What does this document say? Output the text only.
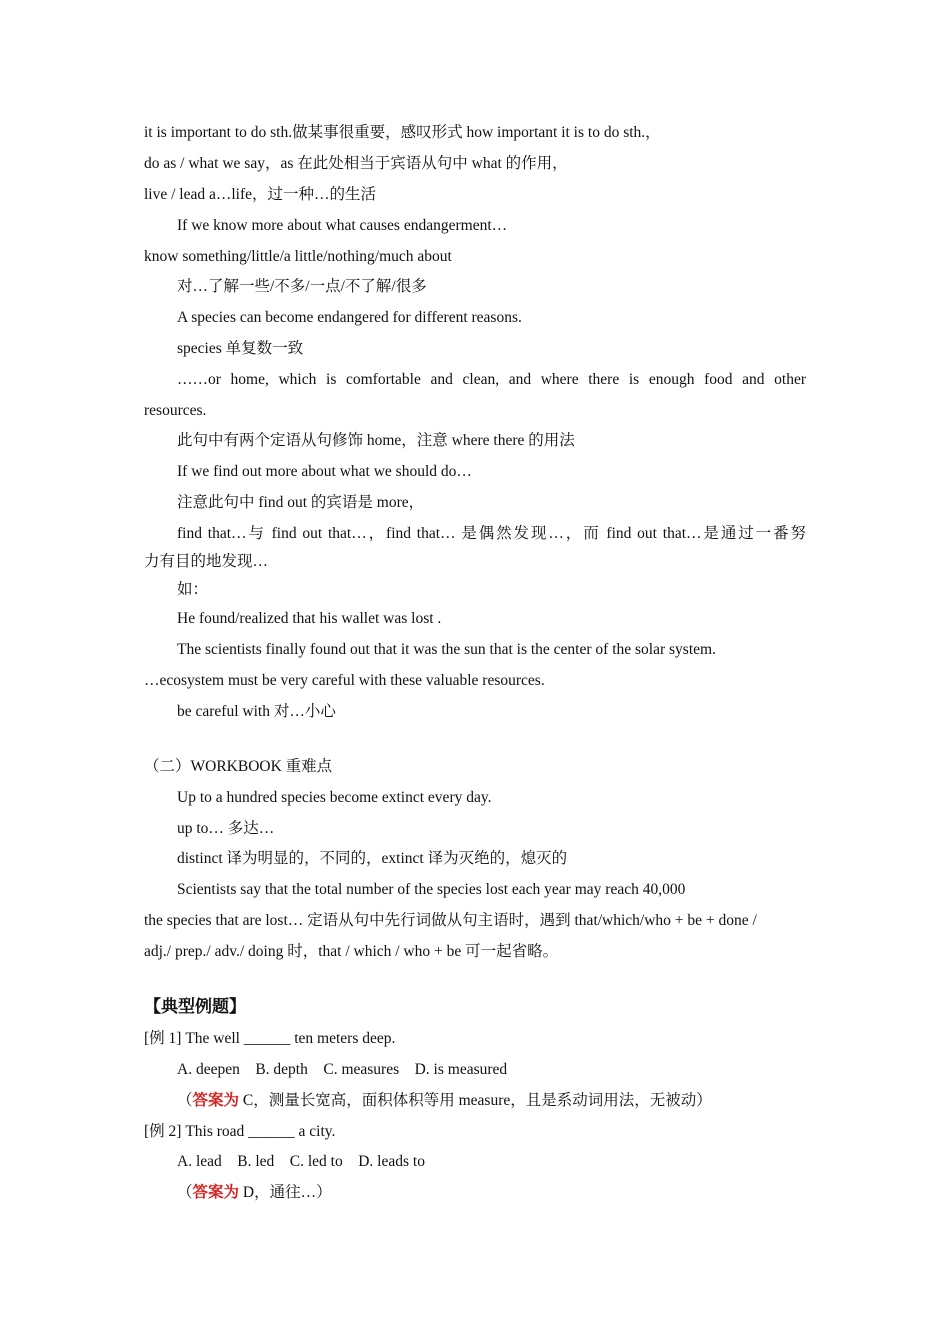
it is important to do sth.做某事很重要，感叹形式 how important it is to do sth.，
do as / what we say，as 在此处相当于宾语从句中 what 的作用，
live / lead a…life，过一种…的生活
If we know more about what causes endangerment…
know something/little/a little/nothing/much about
对…了解一些/不多/一点/不了解/很多
A species can become endangered for different reasons.
species 单复数一致
……or home, which is comfortable and clean, and where there is enough food and other
resources.
此句中有两个定语从句修饰 home，注意 where there 的用法
If we find out more about what we should do…
注意此句中 find out 的宾语是 more，
find that…与 find out that…，find that… 是偶然发现…，而 find out that…是通过一番努
力有目的地发现…
如：
He found/realized that his wallet was lost .
The scientists finally found out that it was the sun that is the center of the solar system.
…ecosystem must be very careful with these valuable resources.
be careful with 对…小心
（二）WORKBOOK 重难点
Up to a hundred species become extinct every day.
up to… 多达…
distinct 译为明显的，不同的，extinct 译为灭绝的，熄灭的
Scientists say that the total number of the species lost each year may reach 40,000
the species that are lost… 定语从句中先行词做从句主语时，遇到 that/which/who + be + done /
adj./ prep./ adv./ doing 时，that / which / who + be 可一起省略。
【典型例题】
[例 1] The well ______ ten meters deep.
A. deepen    B. depth    C. measures    D. is measured
（答案为 C，测量长宽高，面积体积等用 measure，且是系动词用法，无被动）
[例 2] This road ______ a city.
A. lead    B. led    C. led to    D. leads to
（答案为 D，通往…）
